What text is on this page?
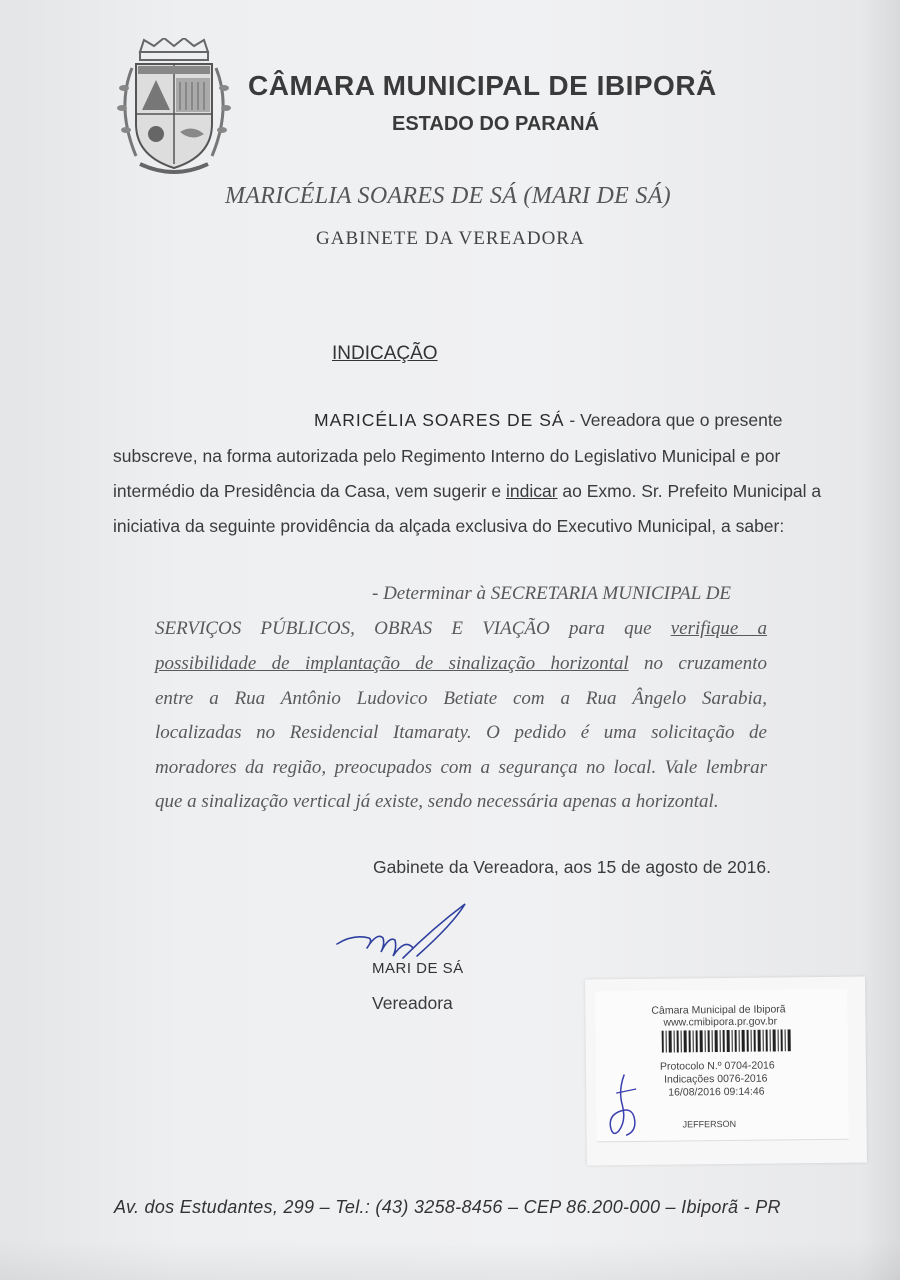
CÂMARA MUNICIPAL DE IBIPORÃ
ESTADO DO PARANÁ
MARICÉLIA SOARES DE SÁ (MARI DE SÁ)
GABINETE DA VEREADORA
INDICAÇÃO
MARICÉLIA SOARES DE SÁ - Vereadora que o presente
subscreve, na forma autorizada pelo Regimento Interno do Legislativo Municipal e por
intermédio da Presidência da Casa, vem sugerir e indicar ao Exmo. Sr. Prefeito Municipal a
iniciativa da seguinte providência da alçada exclusiva do Executivo Municipal, a saber:
- Determinar à SECRETARIA MUNICIPAL DE
SERVIÇOS PÚBLICOS, OBRAS E VIAÇÃO para que verifique a
possibilidade de implantação de sinalização horizontal no cruzamento
entre a Rua Antônio Ludovico Betiate com a Rua Ângelo Sarabia,
localizadas no Residencial Itamaraty. O pedido é uma solicitação de
moradores da região, preocupados com a segurança no local. Vale lembrar
que a sinalização vertical já existe, sendo necessária apenas a horizontal.
Gabinete da Vereadora, aos 15 de agosto de 2016.
MARI DE SÁ
Vereadora	Câmara Municipal de Ibiporã
www.cmibipora.pr.gov.br
Protocolo N.º 0704-2016
Indicações 0076-2016
16/08/2016 09:14:46
JEFFERSON
Av. dos Estudantes, 299 – Tel.: (43) 3258-8456 – CEP 86.200-000 – Ibiporã - PR
